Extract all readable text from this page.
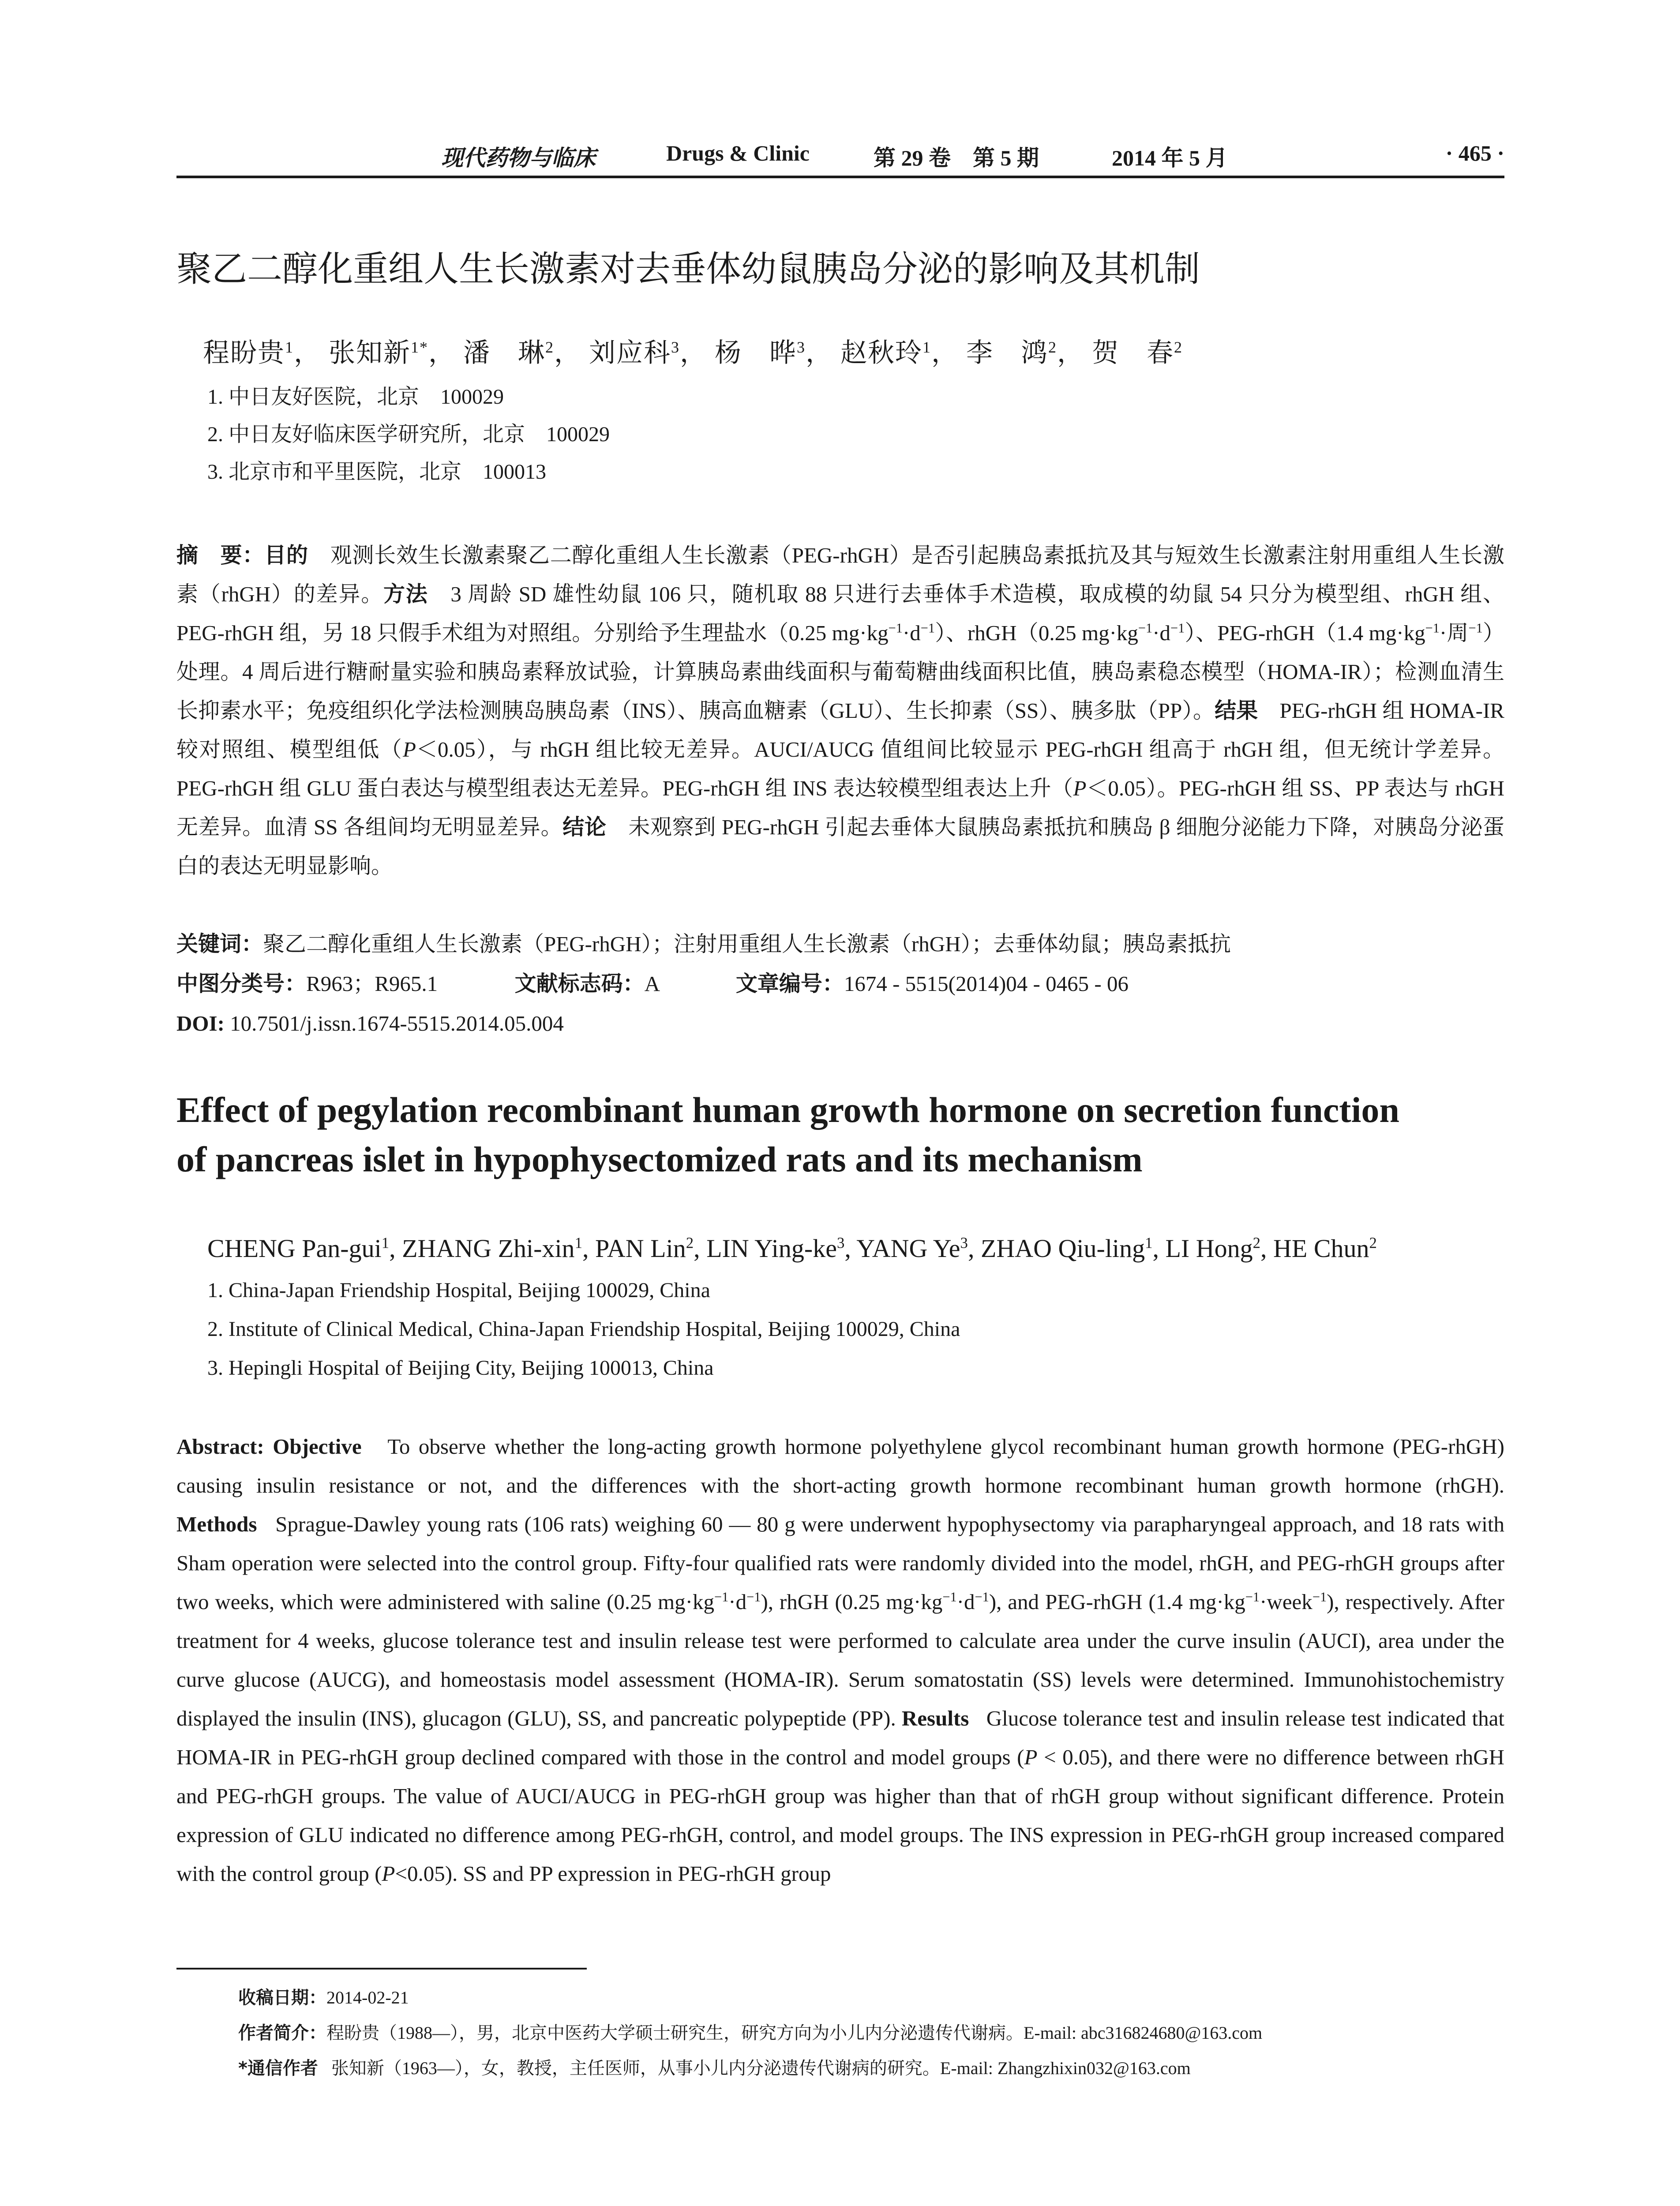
现代药物与临床	Drugs & Clinic	第 29 卷　第 5 期	2014 年 5 月	· 465 ·
聚乙二醇化重组人生长激素对去垂体幼鼠胰岛分泌的影响及其机制
程盼贵$^1$， 张知新$^{1*}$， 潘　琳$^2$， 刘应科$^3$， 杨　晔$^3$， 赵秋玲$^1$， 李　鸿$^2$， 贺　春$^2$
1. 中日友好医院，北京　100029
2. 中日友好临床医学研究所，北京　100029
3. 北京市和平里医院，北京　100013
摘　要：目的　 观测长效生长激素聚乙二醇化重组人生长激素（PEG-rhGH）是否引起胰岛素抵抗及其与短效生长激素注射用重组人生长激素（rhGH）的差异。方法　 3 周龄 SD 雄性幼鼠 106 只，随机取 88 只进行去垂体手术造模，取成模的幼鼠 54 只分为模型组、rhGH 组、PEG-rhGH 组，另 18 只假手术组为对照组。分别给予生理盐水（0.25 $mg\cdot kg^{-1}\cdot d^{-1}$）、rhGH（0.25 $mg\cdot kg^{-1}\cdot d^{-1}$）、PEG-rhGH（1.4 $mg\cdot kg^{-1}\cdot$周$^{-1}$）处理。4 周后进行糖耐量实验和胰岛素释放试验，计算胰岛素曲线面积与葡萄糖曲线面积比值，胰岛素稳态模型（HOMA-IR）；检测血清生长抑素水平；免疫组织化学法检测胰岛胰岛素（INS）、胰高血糖素（GLU）、生长抑素（SS）、胰多肽（PP）。结果　 PEG-rhGH 组 HOMA-IR 较对照组、模型组低（P＜0.05），与 rhGH 组比较无差异。AUCI/AUCG 值组间比较显示 PEG-rhGH 组高于 rhGH 组，但无统计学差异。PEG-rhGH 组 GLU 蛋白表达与模型组表达无差异。PEG-rhGH 组 INS 表达较模型组表达上升（P＜0.05）。PEG-rhGH 组 SS、PP 表达与 rhGH 无差异。血清 SS 各组间均无明显差异。结论　 未观察到 PEG-rhGH 引起去垂体大鼠胰岛素抵抗和胰岛 β 细胞分泌能力下降，对胰岛分泌蛋白的表达无明显影响。
关键词：聚乙二醇化重组人生长激素（PEG-rhGH）；注射用重组人生长激素（rhGH）；去垂体幼鼠；胰岛素抵抗
中图分类号：R963；R965.1	文献标志码：A	文章编号：1674 - 5515(2014)04 - 0465 - 06
DOI: 10.7501/j.issn.1674-5515.2014.05.004
Effect of pegylation recombinant human growth hormone on secretion function
of pancreas islet in hypophysectomized rats and its mechanism
CHENG Pan-gui$^1$, ZHANG Zhi-xin$^1$, PAN Lin$^2$, LIN Ying-$ke^3$, YANG Ye$^3$, ZHAO Qiu-ling$^1$, LI Hong$^2$, HE Chun$^2$
1. China-Japan Friendship Hospital, Beijing 100029, China
2. Institute of Clinical Medical, China-Japan Friendship Hospital, Beijing 100029, China
3. Hepingli Hospital of Beijing City, Beijing 100013, China
Abstract: Objective To observe whether the long-acting growth hormone polyethylene glycol recombinant human growth hormone (PEG-rhGH) causing insulin resistance or not, and the differences with the short-acting growth hormone recombinant human growth hormone (rhGH). Methods Sprague-Dawley young rats (106 rats) weighing 60 — 80 g were underwent hypophysectomy via parapharyngeal approach, and 18 rats with Sham operation were selected into the control group. Fifty-four qualified rats were randomly divided into the model, rhGH, and PEG-rhGH groups after two weeks, which were administered with saline (0.25 $mg\cdot kg^{-1}\cdot d^{-1}$), rhGH (0.25 $mg\cdot kg^{-1}\cdot d^{-1}$), and PEG-rhGH (1.4 $mg\cdot kg^{-1}\cdot week^{-1}$), respectively. After treatment for 4 weeks, glucose tolerance test and insulin release test were performed to calculate area under the curve insulin (AUCI), area under the curve glucose (AUCG), and homeostasis model assessment (HOMA-IR). Serum somatostatin (SS) levels were determined. Immunohistochemistry displayed the insulin (INS), glucagon (GLU), SS, and pancreatic polypeptide (PP). Results Glucose tolerance test and insulin release test indicated that HOMA-IR in PEG-rhGH group declined compared with those in the control and model groups (P < 0.05), and there were no difference between rhGH and PEG-rhGH groups. The value of AUCI/AUCG in PEG-rhGH group was higher than that of rhGH group without significant difference. Protein expression of GLU indicated no difference among PEG-rhGH, control, and model groups. The INS expression in PEG-rhGH group increased compared with the control group (P<0.05). SS and PP expression in PEG-rhGH group
收稿日期：2014-02-21
作者简介：程盼贵（1988—），男，北京中医药大学硕士研究生，研究方向为小儿内分泌遗传代谢病。E-mail: abc316824680@163.com
*通信作者 张知新（1963—），女，教授，主任医师，从事小儿内分泌遗传代谢病的研究。E-mail: Zhangzhixin032@163.com
